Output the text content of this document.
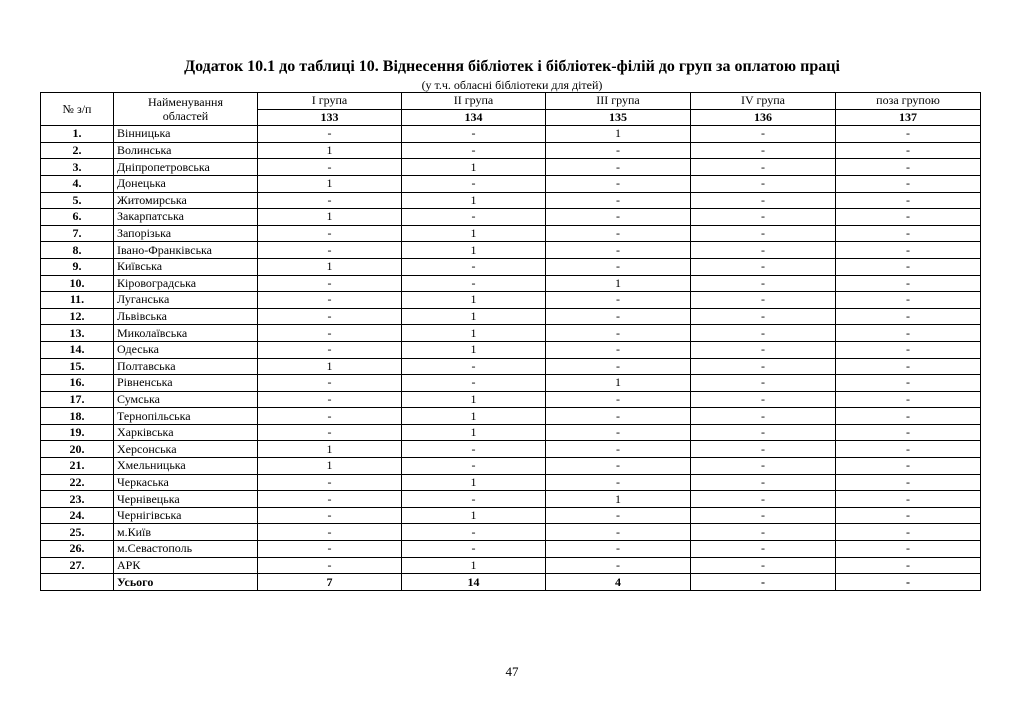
Додаток 10.1 до таблиці 10. Віднесення бібліотек і бібліотек-філій до груп за оплатою праці
(у т.ч. обласні бібліотеки для дітей)
№ з/п	Найменування
областей	І група	ІІ група	ІІІ група	IV група	поза групою
		133	134	135	136	137
1.	Вінницька	-	-	1	-	-
2.	Волинська	1	-	-	-	-
3.	Дніпропетровська	-	1	-	-	-
4.	Донецька	1	-	-	-	-
5.	Житомирська	-	1	-	-	-
6.	Закарпатська	1	-	-	-	-
7.	Запорізька	-	1	-	-	-
8.	Івано-Франківська	-	1	-	-	-
9.	Київська	1	-	-	-	-
10.	Кіровоградська	-	-	1	-	-
11.	Луганська	-	1	-	-	-
12.	Львівська	-	1	-	-	-
13.	Миколаївська	-	1	-	-	-
14.	Одеська	-	1	-	-	-
15.	Полтавська	1	-	-	-	-
16.	Рівненська	-	-	1	-	-
17.	Сумська	-	1	-	-	-
18.	Тернопільська	-	1	-	-	-
19.	Харківська	-	1	-	-	-
20.	Херсонська	1	-	-	-	-
21.	Хмельницька	1	-	-	-	-
22.	Черкаська	-	1	-	-	-
23.	Чернівецька	-	-	1	-	-
24.	Чернігівська	-	1	-	-	-
25.	м.Київ	-	-	-	-	-
26.	м.Севастополь	-	-	-	-	-
27.	АРК	-	1	-	-	-
	Усього	7	14	4	-	-
47
